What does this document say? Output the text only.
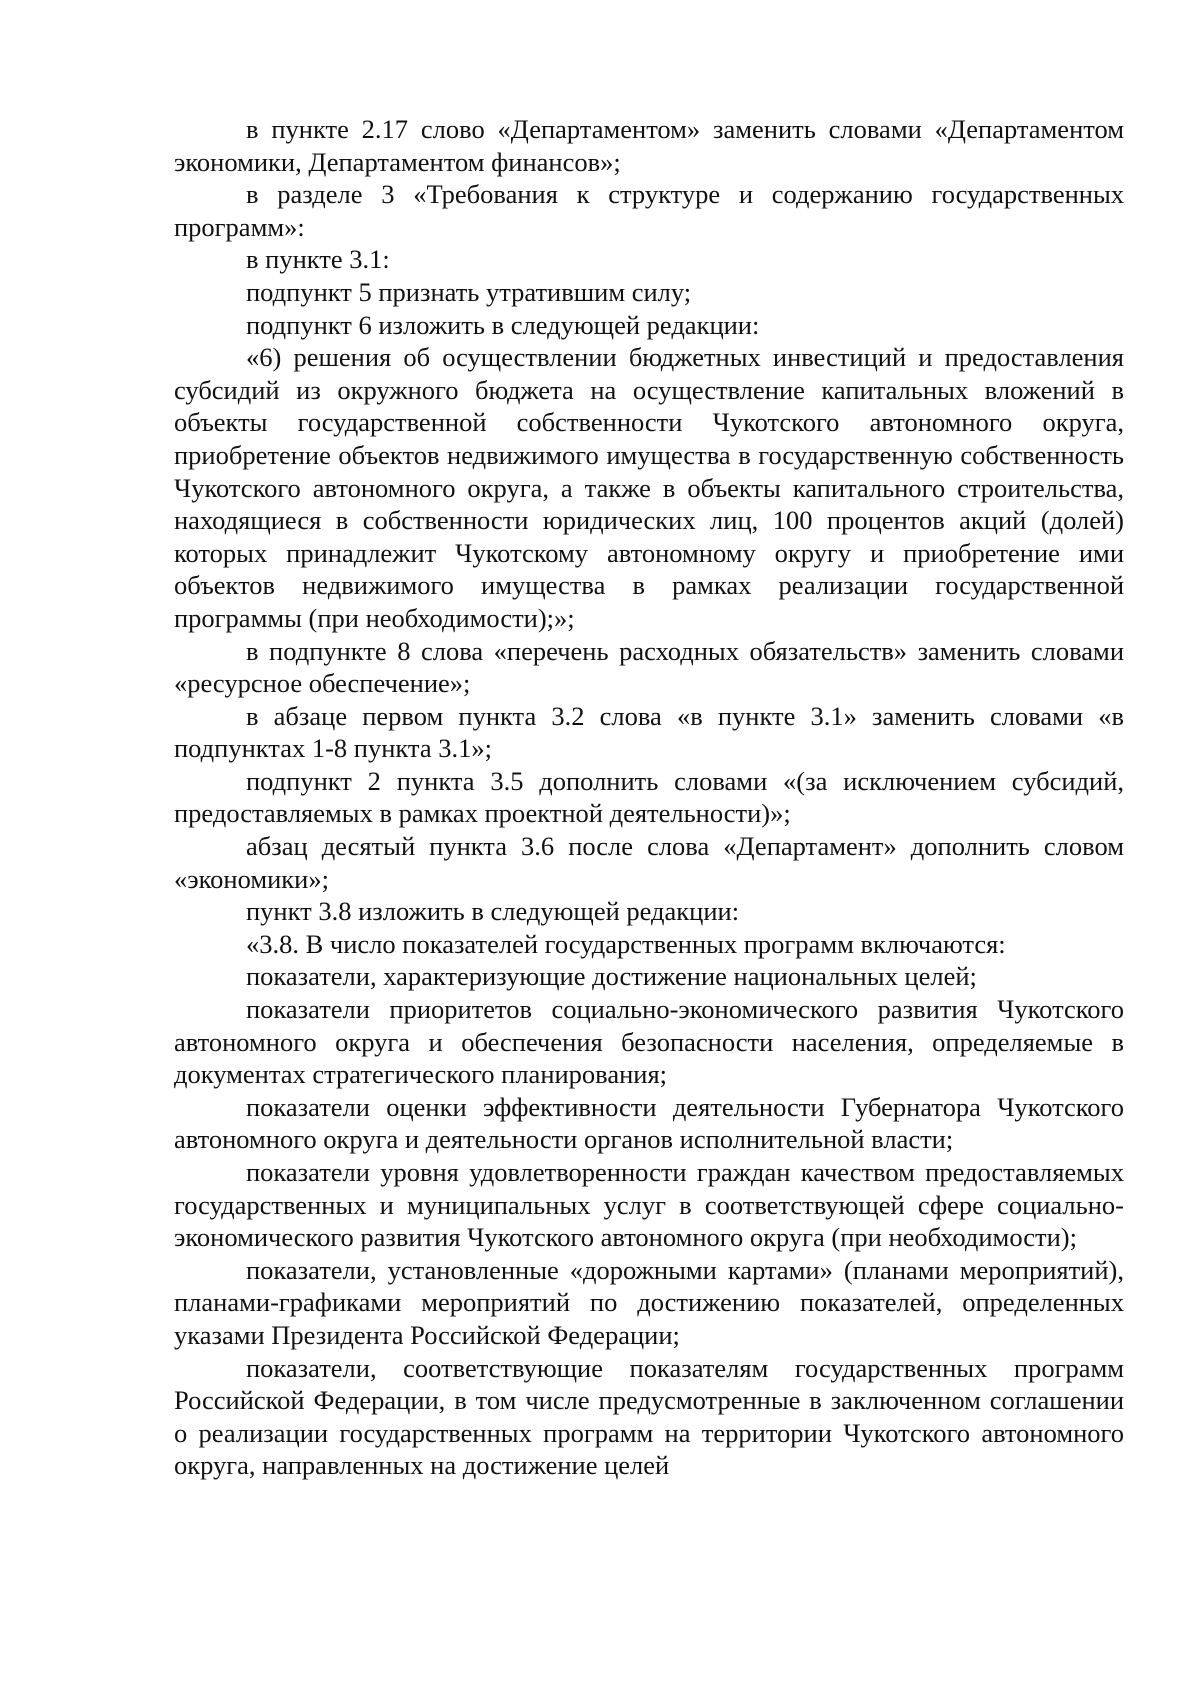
в пункте 2.17 слово «Департаментом» заменить словами «Департаментом экономики, Департаментом финансов»;

в разделе 3 «Требования к структуре и содержанию государственных программ»:

в пункте 3.1:

подпункт 5 признать утратившим силу;

подпункт 6 изложить в следующей редакции:

«6) решения об осуществлении бюджетных инвестиций и предоставления субсидий из окружного бюджета на осуществление капитальных вложений в объекты государственной собственности Чукотского автономного округа, приобретение объектов недвижимого имущества в государственную собственность Чукотского автономного округа, а также в объекты капитального строительства, находящиеся в собственности юридических лиц, 100 процентов акций (долей) которых принадлежит Чукотскому автономному округу и приобретение ими объектов недвижимого имущества в рамках реализации государственной программы (при необходимости);»;

в подпункте 8 слова «перечень расходных обязательств» заменить словами «ресурсное обеспечение»;

в абзаце первом пункта 3.2 слова «в пункте 3.1» заменить словами «в подпунктах 1-8 пункта 3.1»;

подпункт 2 пункта 3.5 дополнить словами «(за исключением субсидий, предоставляемых в рамках проектной деятельности)»;

абзац десятый пункта 3.6 после слова «Департамент» дополнить словом «экономики»;

пункт 3.8 изложить в следующей редакции:

«3.8. В число показателей государственных программ включаются:

показатели, характеризующие достижение национальных целей;

показатели приоритетов социально-экономического развития Чукотского автономного округа и обеспечения безопасности населения, определяемые в документах стратегического планирования;

показатели оценки эффективности деятельности Губернатора Чукотского автономного округа и деятельности органов исполнительной власти;

показатели уровня удовлетворенности граждан качеством предоставляемых государственных и муниципальных услуг в соответствующей сфере социально-экономического развития Чукотского автономного округа (при необходимости);

показатели, установленные «дорожными картами» (планами мероприятий), планами-графиками мероприятий по достижению показателей, определенных указами Президента Российской Федерации;

показатели, соответствующие показателям государственных программ Российской Федерации, в том числе предусмотренные в заключенном соглашении о реализации государственных программ на территории Чукотского автономного округа, направленных на достижение целей
